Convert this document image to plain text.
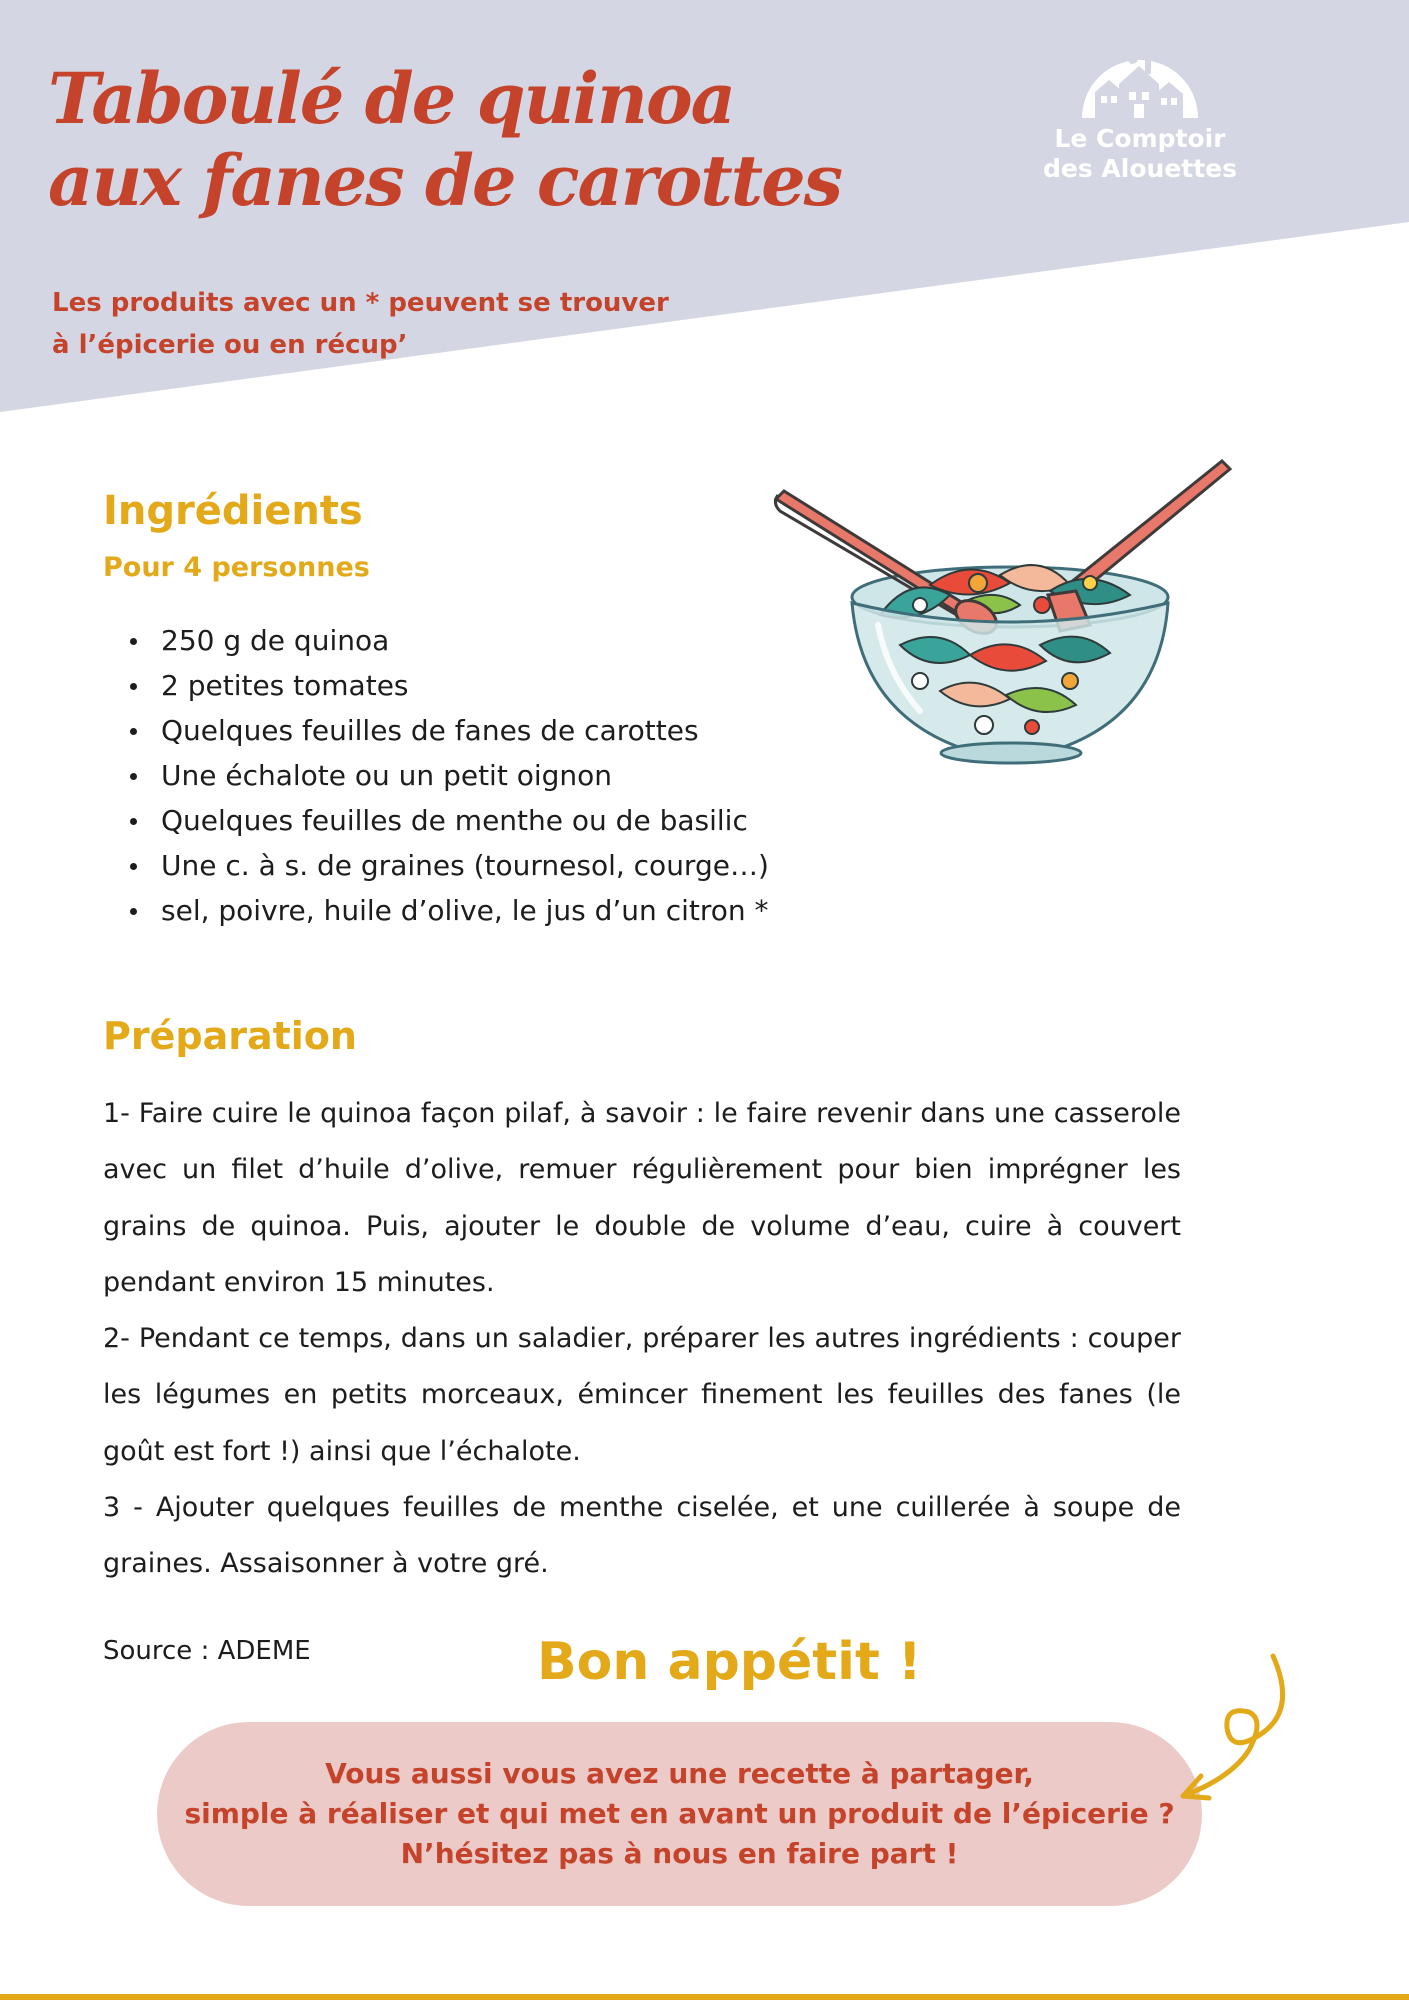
Taboulé de quinoa
aux fanes de carottes

Les produits avec un * peuvent se trouver
à l’épicerie ou en récup’

Le Comptoir
des Alouettes
Ingrédients
Pour 4 personnes
250 g de quinoa
2 petites tomates
Quelques feuilles de fanes de carottes
Une échalote ou un petit oignon
Quelques feuilles de menthe ou de basilic
Une c. à s. de graines (tournesol, courge…)
sel, poivre, huile d’olive, le jus d’un citron *
Préparation

1- Faire cuire le quinoa façon pilaf, à savoir : le faire revenir dans une casserole avec un filet d’huile d’olive, remuer régulièrement pour bien imprégner les grains de quinoa. Puis, ajouter le double de volume d’eau, cuire à couvert pendant environ 15 minutes.

2- Pendant ce temps, dans un saladier, préparer les autres ingrédients : couper les légumes en petits morceaux, émincer finement les feuilles des fanes (le goût est fort !) ainsi que l’échalote.

3 - Ajouter quelques feuilles de menthe ciselée, et une cuillerée à soupe de graines. Assaisonner à votre gré.

Source : ADEME	Bon appétit !
Vous aussi vous avez une recette à partager,
simple à réaliser et qui met en avant un produit de l’épicerie ?
N’hésitez pas à nous en faire part !
